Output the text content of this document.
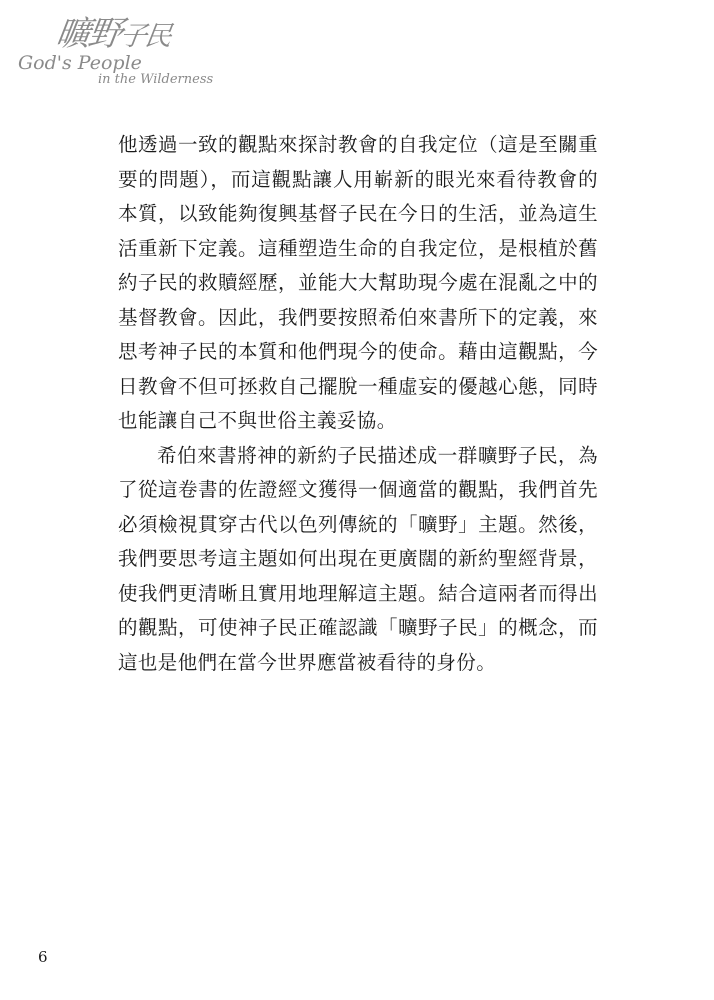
曠野子民
God's People
in the Wilderness

他透過一致的觀點來探討教會的自我定位（這是至關重要的問題），而這觀點讓人用嶄新的眼光來看待教會的本質，以致能夠復興基督子民在今日的生活，並為這生活重新下定義。這種塑造生命的自我定位，是根植於舊約子民的救贖經歷，並能大大幫助現今處在混亂之中的基督教會。因此，我們要按照希伯來書所下的定義，來思考神子民的本質和他們現今的使命。藉由這觀點，今日教會不但可拯救自己擺脫一種虛妄的優越心態，同時也能讓自己不與世俗主義妥協。

希伯來書將神的新約子民描述成一群曠野子民，為了從這卷書的佐證經文獲得一個適當的觀點，我們首先必須檢視貫穿古代以色列傳統的「曠野」主題。然後，我們要思考這主題如何出現在更廣闊的新約聖經背景，使我們更清晰且實用地理解這主題。結合這兩者而得出的觀點，可使神子民正確認識「曠野子民」的概念，而這也是他們在當今世界應當被看待的身份。

6
